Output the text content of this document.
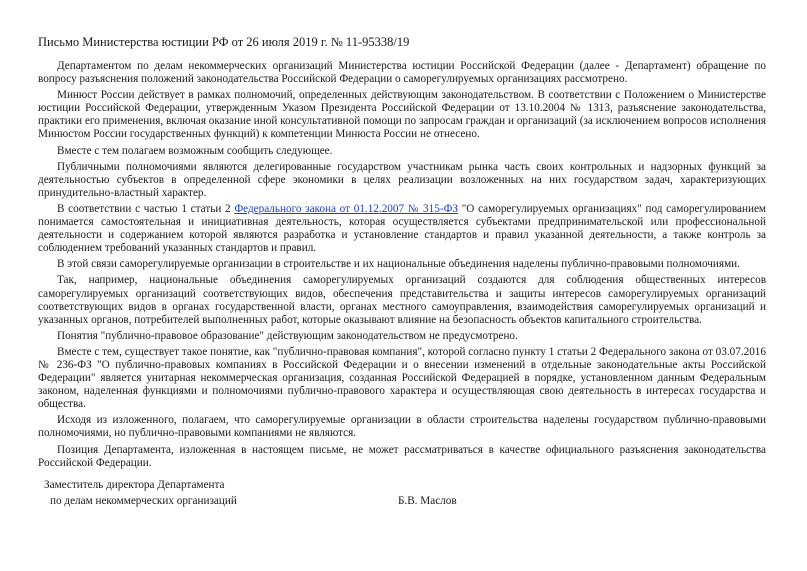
Письмо Министерства юстиции РФ от 26 июля 2019 г. № 11-95338/19

Департаментом по делам некоммерческих организаций Министерства юстиции Российской Федерации (далее - Департамент) обращение по вопросу разъяснения положений законодательства Российской Федерации о саморегулируемых организациях рассмотрено.

Минюст России действует в рамках полномочий, определенных действующим законодательством. В соответствии с Положением о Министерстве юстиции Российской Федерации, утвержденным Указом Президента Российской Федерации от 13.10.2004 № 1313, разъяснение законодательства, практики его применения, включая оказание иной консультативной помощи по запросам граждан и организаций (за исключением вопросов исполнения Минюстом России государственных функций) к компетенции Минюста России не отнесено.

Вместе с тем полагаем возможным сообщить следующее.

Публичными полномочиями являются делегированные государством участникам рынка часть своих контрольных и надзорных функций за деятельностью субъектов в определенной сфере экономики в целях реализации возложенных на них государством задач, характеризующих принудительно-властный характер.

В соответствии с частью 1 статьи 2 Федерального закона от 01.12.2007 № 315-ФЗ "О саморегулируемых организациях" под саморегулированием понимается самостоятельная и инициативная деятельность, которая осуществляется субъектами предпринимательской или профессиональной деятельности и содержанием которой являются разработка и установление стандартов и правил указанной деятельности, а также контроль за соблюдением требований указанных стандартов и правил.

В этой связи саморегулируемые организации в строительстве и их национальные объединения наделены публично-правовыми полномочиями.

Так, например, национальные объединения саморегулируемых организаций создаются для соблюдения общественных интересов саморегулируемых организаций соответствующих видов, обеспечения представительства и защиты интересов саморегулируемых организаций соответствующих видов в органах государственной власти, органах местного самоуправления, взаимодействия саморегулируемых организаций и указанных органов, потребителей выполненных работ, которые оказывают влияние на безопасность объектов капитального строительства.

Понятия "публично-правовое образование" действующим законодательством не предусмотрено.

Вместе с тем, существует такое понятие, как "публично-правовая компания", которой согласно пункту 1 статьи 2 Федерального закона от 03.07.2016 № 236-ФЗ "О публично-правовых компаниях в Российской Федерации и о внесении изменений в отдельные законодательные акты Российской Федерации" является унитарная некоммерческая организация, созданная Российской Федерацией в порядке, установленном данным Федеральным законом, наделенная функциями и полномочиями публично-правового характера и осуществляющая свою деятельность в интересах государства и общества.

Исходя из изложенного, полагаем, что саморегулируемые организации в области строительства наделены государством публично-правовыми полномочиями, но публично-правовыми компаниями не являются.

Позиция Департамента, изложенная в настоящем письме, не может рассматриваться в качестве официального разъяснения законодательства Российской Федерации.

Заместитель директора Департамента
по делам некоммерческих организаций	Б.В. Маслов
